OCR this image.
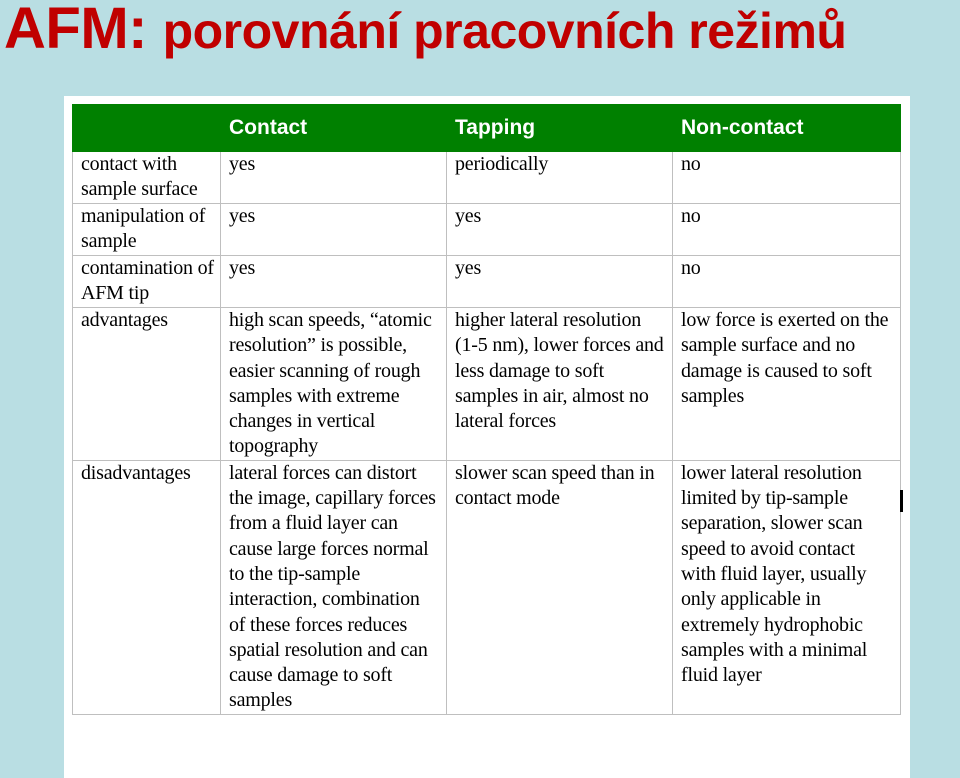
AFM: porovnání pracovních režimů
	Contact	Tapping	Non-contact
contact with sample surface	yes	periodically	no
manipulation of sample	yes	yes	no
contamination of AFM tip	yes	yes	no
advantages	high scan speeds, “atomic resolution” is possible, easier scanning of rough samples with extreme changes in vertical topography	higher lateral resolution (1-5 nm), lower forces and less damage to soft samples in air, almost no lateral forces	low force is exerted on the sample surface and no damage is caused to soft samples
disadvantages	lateral forces can distort the image, capillary forces from a fluid layer can cause large forces normal to the tip-sample interaction, combination of these forces reduces spatial resolution and can cause damage to soft samples	slower scan speed than in contact mode	lower lateral resolution limited by tip-sample separation, slower scan speed to avoid contact with fluid layer, usually only applicable in extremely hydrophobic samples with a minimal fluid layer
